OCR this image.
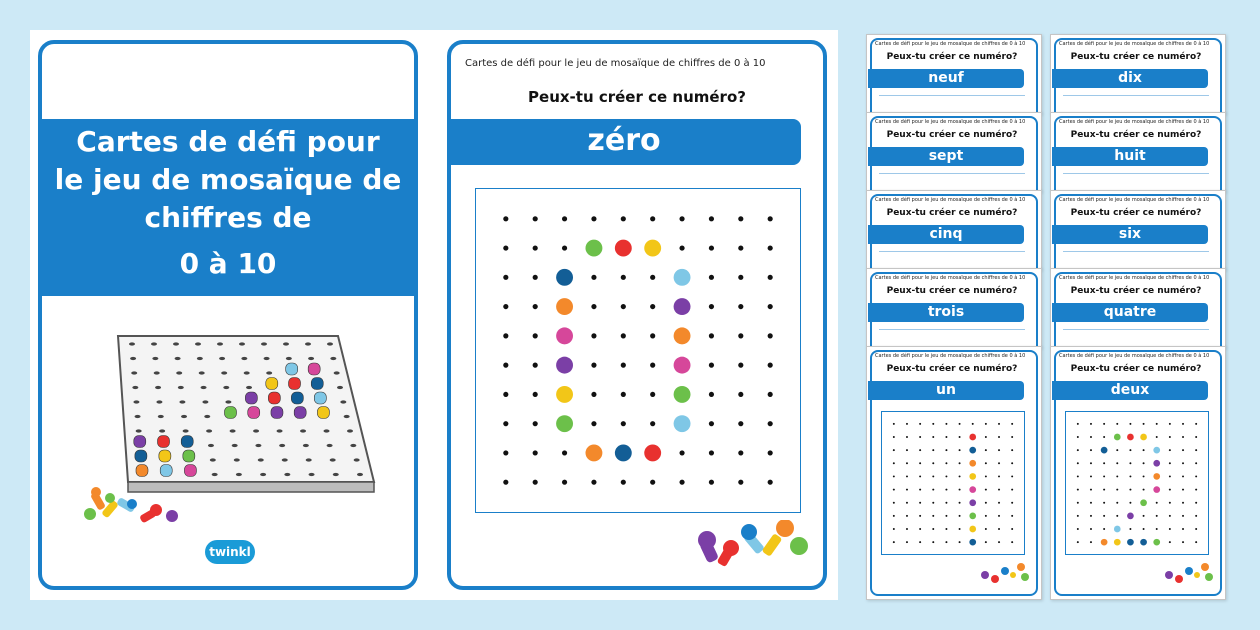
Cartes de défi pour
le jeu de mosaïque de
chiffres de
0 à 10
twinkl
Cartes de défi pour le jeu de mosaïque de chiffres de 0 à 10
Peux-tu créer ce numéro?
zéro
Cartes de défi pour le jeu de mosaïque de chiffres de 0 à 10
Peux-tu créer ce numéro?
neuf
Cartes de défi pour le jeu de mosaïque de chiffres de 0 à 10
Peux-tu créer ce numéro?
dix
Cartes de défi pour le jeu de mosaïque de chiffres de 0 à 10
Peux-tu créer ce numéro?
sept
Cartes de défi pour le jeu de mosaïque de chiffres de 0 à 10
Peux-tu créer ce numéro?
huit
Cartes de défi pour le jeu de mosaïque de chiffres de 0 à 10
Peux-tu créer ce numéro?
cinq
Cartes de défi pour le jeu de mosaïque de chiffres de 0 à 10
Peux-tu créer ce numéro?
six
Cartes de défi pour le jeu de mosaïque de chiffres de 0 à 10
Peux-tu créer ce numéro?
trois
Cartes de défi pour le jeu de mosaïque de chiffres de 0 à 10
Peux-tu créer ce numéro?
quatre
Cartes de défi pour le jeu de mosaïque de chiffres de 0 à 10
Peux-tu créer ce numéro?
un
Cartes de défi pour le jeu de mosaïque de chiffres de 0 à 10
Peux-tu créer ce numéro?
deux
